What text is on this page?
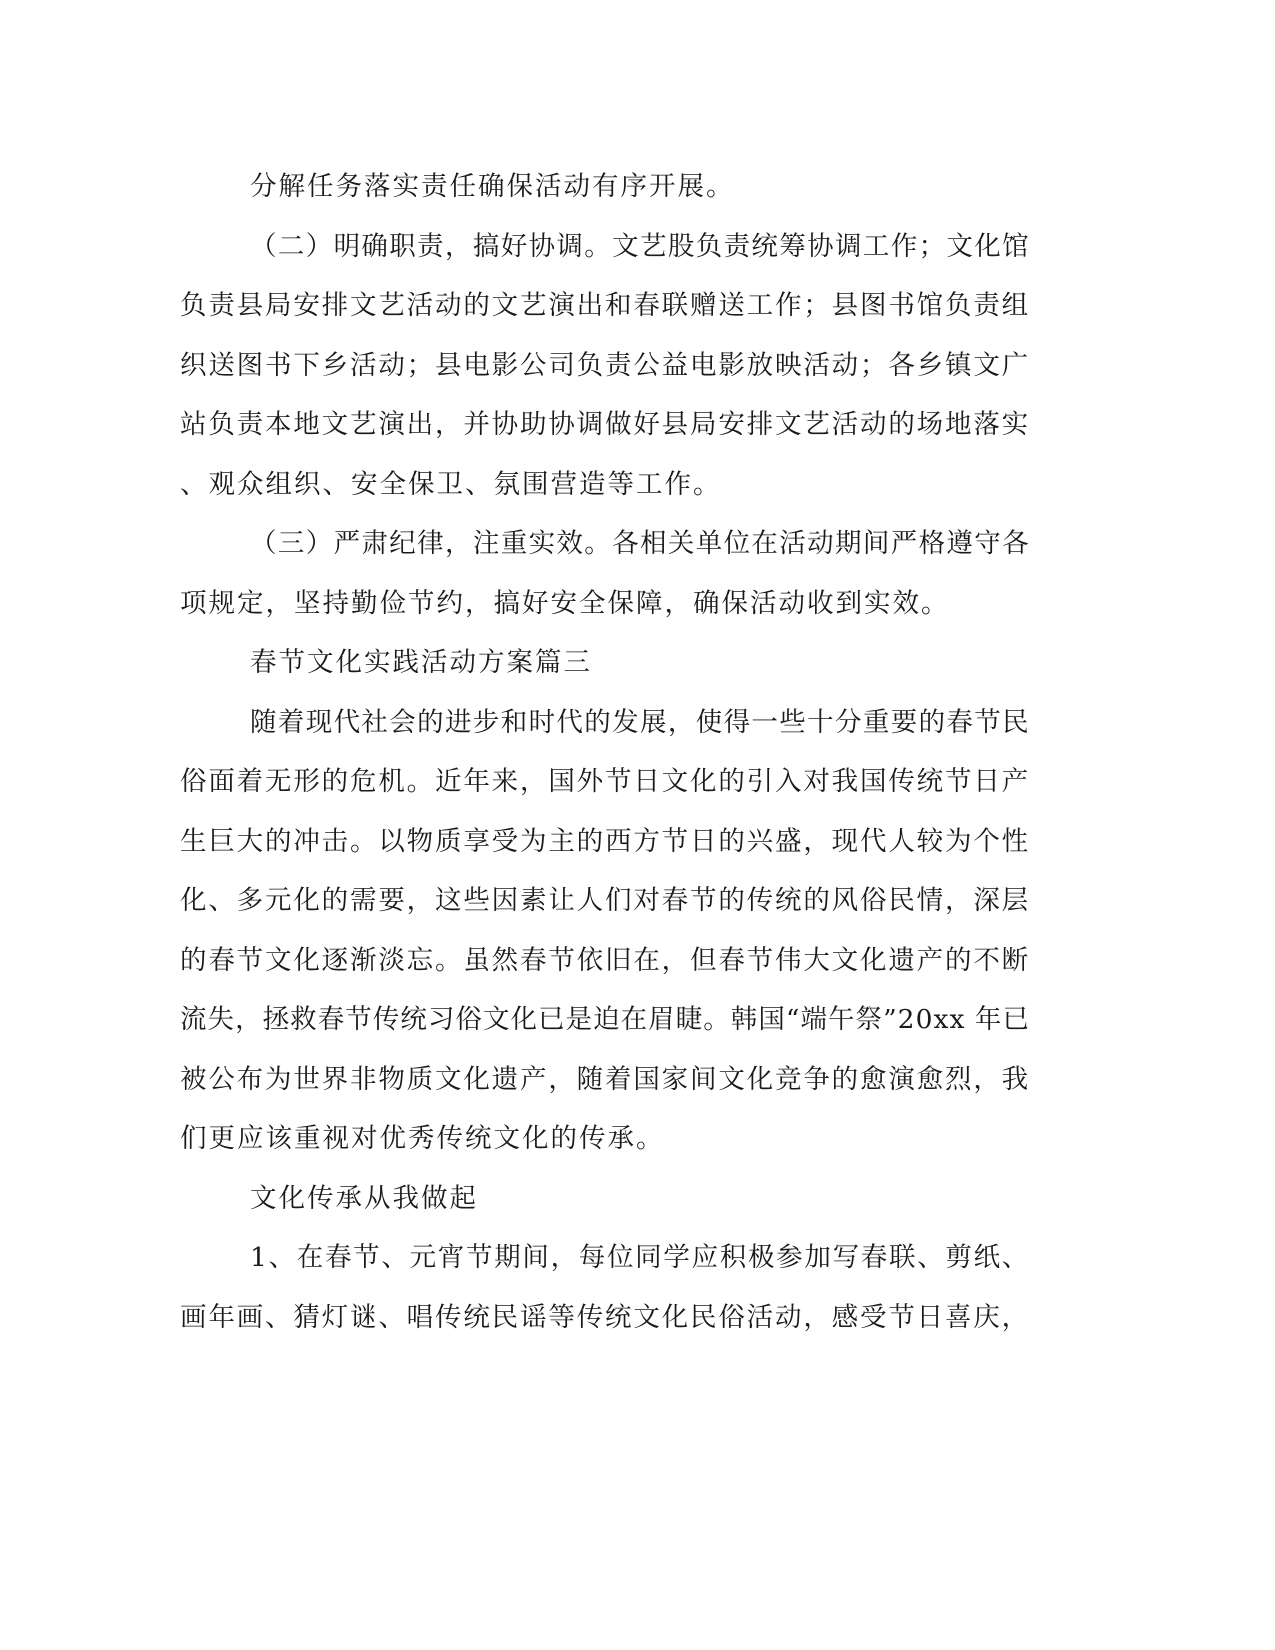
分解任务落实责任确保活动有序开展。
（二）明确职责，搞好协调。文艺股负责统筹协调工作；文化馆
负责县局安排文艺活动的文艺演出和春联赠送工作；县图书馆负责组
织送图书下乡活动；县电影公司负责公益电影放映活动；各乡镇文广
站负责本地文艺演出，并协助协调做好县局安排文艺活动的场地落实
、观众组织、安全保卫、氛围营造等工作。
（三）严肃纪律，注重实效。各相关单位在活动期间严格遵守各
项规定，坚持勤俭节约，搞好安全保障，确保活动收到实效。
春节文化实践活动方案篇三
随着现代社会的进步和时代的发展，使得一些十分重要的春节民
俗面着无形的危机。近年来，国外节日文化的引入对我国传统节日产
生巨大的冲击。以物质享受为主的西方节日的兴盛，现代人较为个性
化、多元化的需要，这些因素让人们对春节的传统的风俗民情，深层
的春节文化逐渐淡忘。虽然春节依旧在，但春节伟大文化遗产的不断
流失，拯救春节传统习俗文化已是迫在眉睫。韩国“端午祭”20xx 年已
被公布为世界非物质文化遗产，随着国家间文化竞争的愈演愈烈，我
们更应该重视对优秀传统文化的传承。
文化传承从我做起
1、在春节、元宵节期间，每位同学应积极参加写春联、剪纸、
画年画、猜灯谜、唱传统民谣等传统文化民俗活动，感受节日喜庆，
